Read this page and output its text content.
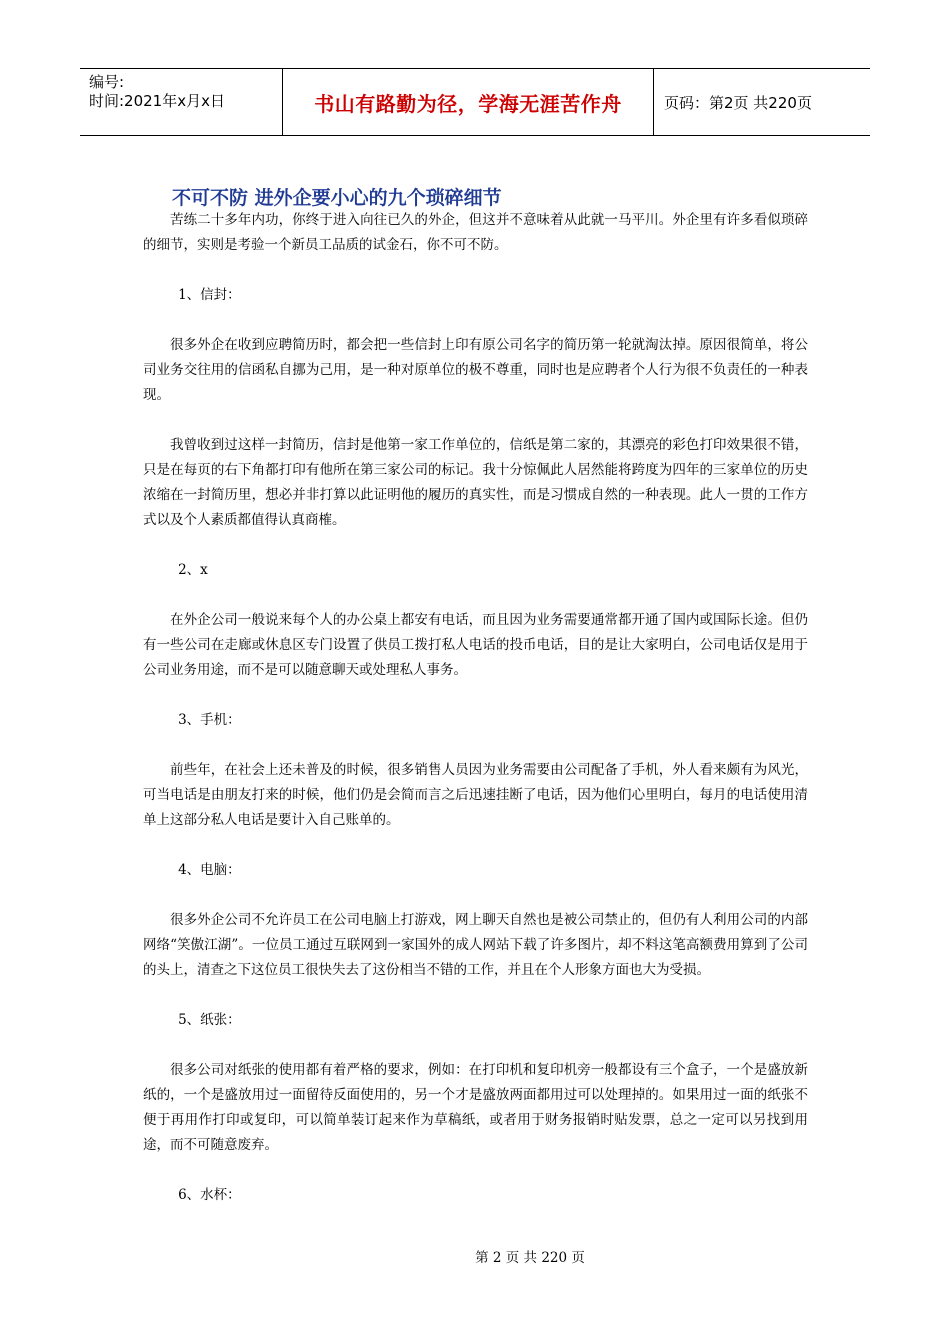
编号:
时间:2021年x月x日	书山有路勤为径，学海无涯苦作舟	页码：第2页 共220页
不可不防 进外企要小心的九个琐碎细节

苦练二十多年内功，你终于进入向往已久的外企，但这并不意味着从此就一马平川。外企里有许多看似琐碎的细节，实则是考验一个新员工品质的试金石，你不可不防。

1、信封：

很多外企在收到应聘简历时，都会把一些信封上印有原公司名字的简历第一轮就淘汰掉。原因很简单，将公司业务交往用的信函私自挪为己用，是一种对原单位的极不尊重，同时也是应聘者个人行为很不负责任的一种表现。

我曾收到过这样一封简历，信封是他第一家工作单位的，信纸是第二家的，其漂亮的彩色打印效果很不错，只是在每页的右下角都打印有他所在第三家公司的标记。我十分惊佩此人居然能将跨度为四年的三家单位的历史浓缩在一封简历里，想必并非打算以此证明他的履历的真实性，而是习惯成自然的一种表现。此人一贯的工作方式以及个人素质都值得认真商榷。

2、x

在外企公司一般说来每个人的办公桌上都安有电话，而且因为业务需要通常都开通了国内或国际长途。但仍有一些公司在走廊或休息区专门设置了供员工拨打私人电话的投币电话，目的是让大家明白，公司电话仅是用于公司业务用途，而不是可以随意聊天或处理私人事务。

3、手机：

前些年，在社会上还未普及的时候，很多销售人员因为业务需要由公司配备了手机，外人看来颇有为风光，可当电话是由朋友打来的时候，他们仍是会简而言之后迅速挂断了电话，因为他们心里明白，每月的电话使用清单上这部分私人电话是要计入自己账单的。

4、电脑：

很多外企公司不允许员工在公司电脑上打游戏，网上聊天自然也是被公司禁止的，但仍有人利用公司的内部网络“笑傲江湖”。一位员工通过互联网到一家国外的成人网站下载了许多图片，却不料这笔高额费用算到了公司的头上，清查之下这位员工很快失去了这份相当不错的工作，并且在个人形象方面也大为受损。

5、纸张：

很多公司对纸张的使用都有着严格的要求，例如：在打印机和复印机旁一般都设有三个盒子，一个是盛放新纸的，一个是盛放用过一面留待反面使用的，另一个才是盛放两面都用过可以处理掉的。如果用过一面的纸张不便于再用作打印或复印，可以简单装订起来作为草稿纸，或者用于财务报销时贴发票，总之一定可以另找到用途，而不可随意废弃。

6、水杯：

第 2 页 共 220 页
